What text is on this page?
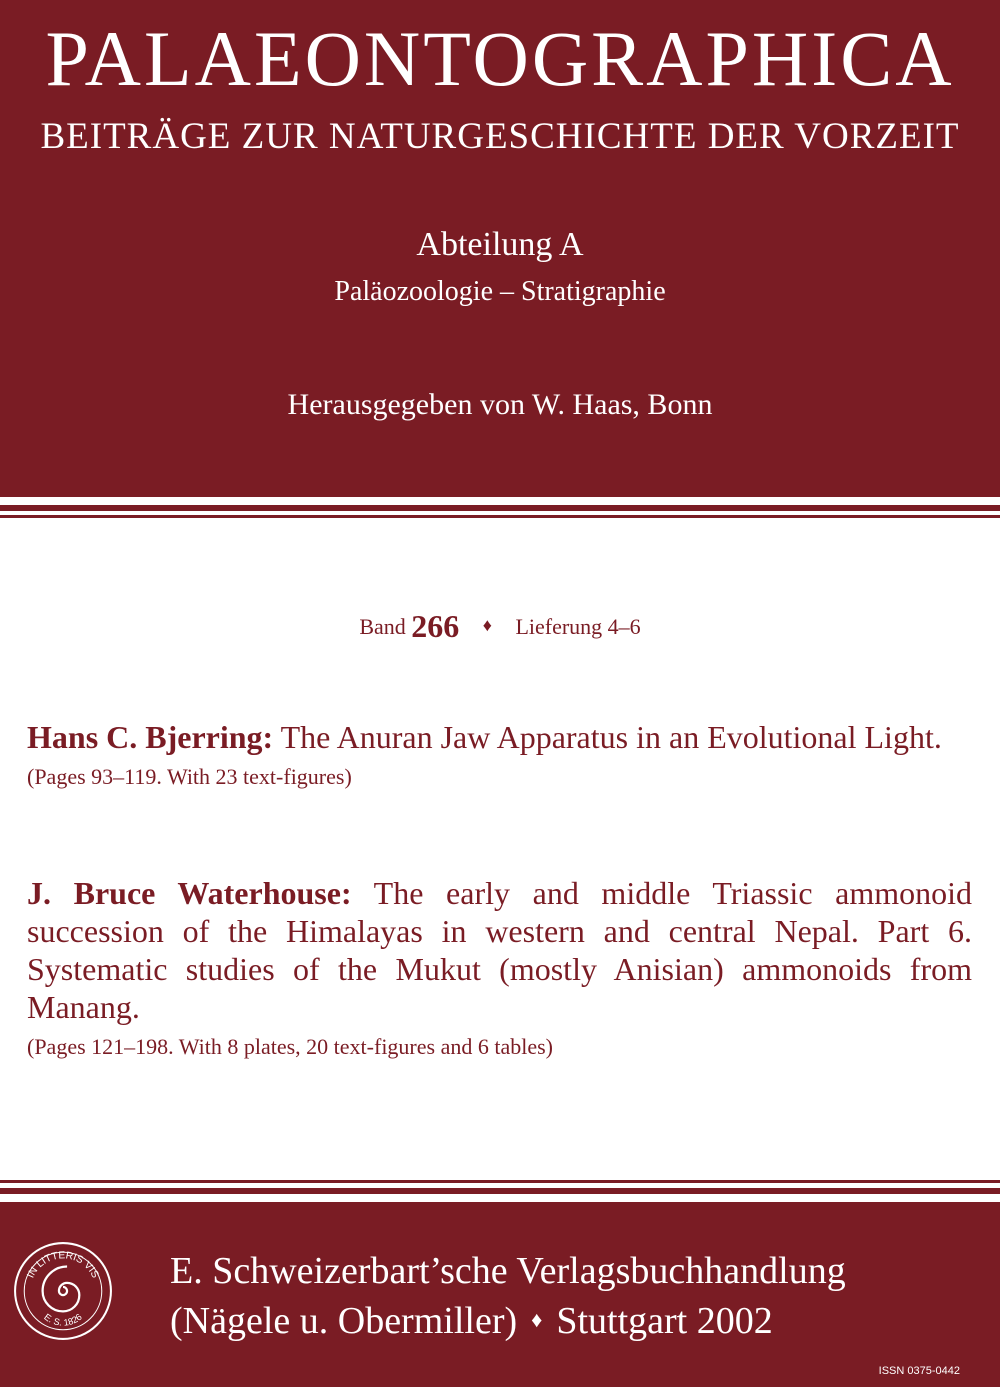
PALAEONTOGRAPHICA
BEITRÄGE ZUR NATURGESCHICHTE DER VORZEIT
Abteilung A
Paläozoologie – Stratigraphie
Herausgegeben von W. Haas, Bonn
Band 266 ♦ Lieferung 4–6

Hans C. Bjerring: The Anuran Jaw Apparatus in an Evolutional Light.

(Pages 93–119. With 23 text-figures)

J. Bruce Waterhouse: The early and middle Triassic ammonoid succession of the Himalayas in western and central Nepal. Part 6. Systematic studies of the Mukut (mostly Anisian) ammonoids from Manang.

(Pages 121–198. With 8 plates, 20 text-figures and 6 tables)
IN LITTERIS VIS
E. S. 1826
E. Schweizerbart’sche Verlagsbuchhandlung
(Nägele u. Obermiller) ♦ Stuttgart 2002
ISSN 0375-0442
